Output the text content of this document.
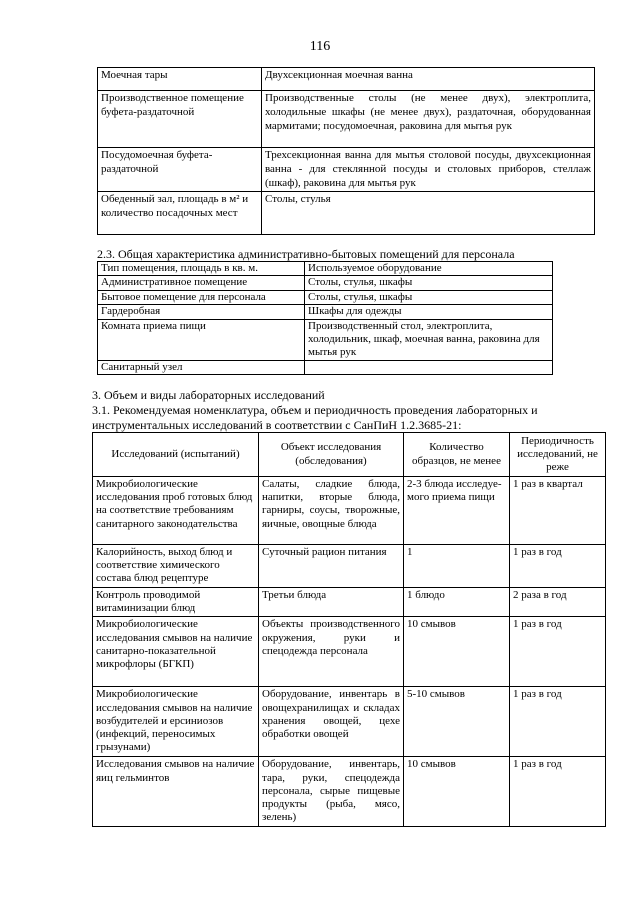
116
Моечная тары	Двухсекционная моечная ванна
Производственное помещение буфета-раздаточной	Производственные столы (не менее двух), электроплита, холодильные шкафы (не менее двух), раздаточная, оборудованная мармитами; посудомоечная, раковина для мытья рук
Посудомоечная буфета-раздаточной	Трехсекционная ванна для мытья столовой посуды, двухсекционная ванна - для стеклянной посуды и столовых приборов, стеллаж (шкаф), раковина для мытья рук
Обеденный зал, площадь в м² и количество посадочных мест	Столы, стулья
2.3. Общая характеристика административно-бытовых помещений для персонала
Тип помещения, площадь в кв. м.	Используемое оборудование
Административное помещение	Столы, стулья, шкафы
Бытовое помещение для персонала	Столы, стулья, шкафы
Гардеробная	Шкафы для одежды
Комната приема пищи	Производственный стол, электроплита, холодильник, шкаф, моечная ванна, раковина для мытья рук
Санитарный узел	
3. Объем и виды лабораторных исследований
3.1. Рекомендуемая номенклатура, объем и периодичность проведения лабораторных и
инструментальных исследований в соответствии с СанПиН 1.2.3685-21:
Исследований (испытаний)	Объект исследования (обследования)	Количество образцов, не менее	Периодичность исследований, не реже
Микробиологические исследования проб готовых блюд на соответствие требованиям санитарного законодательства	Салаты, сладкие блюда, напитки, вторые блюда, гарниры, соусы, творожные, яичные, овощные блюда	2-3 блюда исследуе-мого приема пищи	1 раз в квартал
Калорийность, выход блюд и соответствие химического состава блюд рецептуре	Суточный рацион питания	1	1 раз в год
Контроль проводимой витаминизации блюд	Третьи блюда	1 блюдо	2 раза в год
Микробиологические исследования смывов на наличие санитарно-показательной микрофлоры (БГКП)	Объекты производственного окружения, руки и спецодежда персонала	10 смывов	1 раз в год
Микробиологические исследования смывов на наличие возбудителей и ерсиниозов (инфекций, переносимых грызунами)	Оборудование, инвентарь в овощехранилищах и складах хранения овощей, цехе обработки овощей	5-10 смывов	1 раз в год
Исследования смывов на наличие яиц гельминтов	Оборудование, инвентарь, тара, руки, спецодежда персонала, сырые пищевые продукты (рыба, мясо, зелень)	10 смывов	1 раз в год
